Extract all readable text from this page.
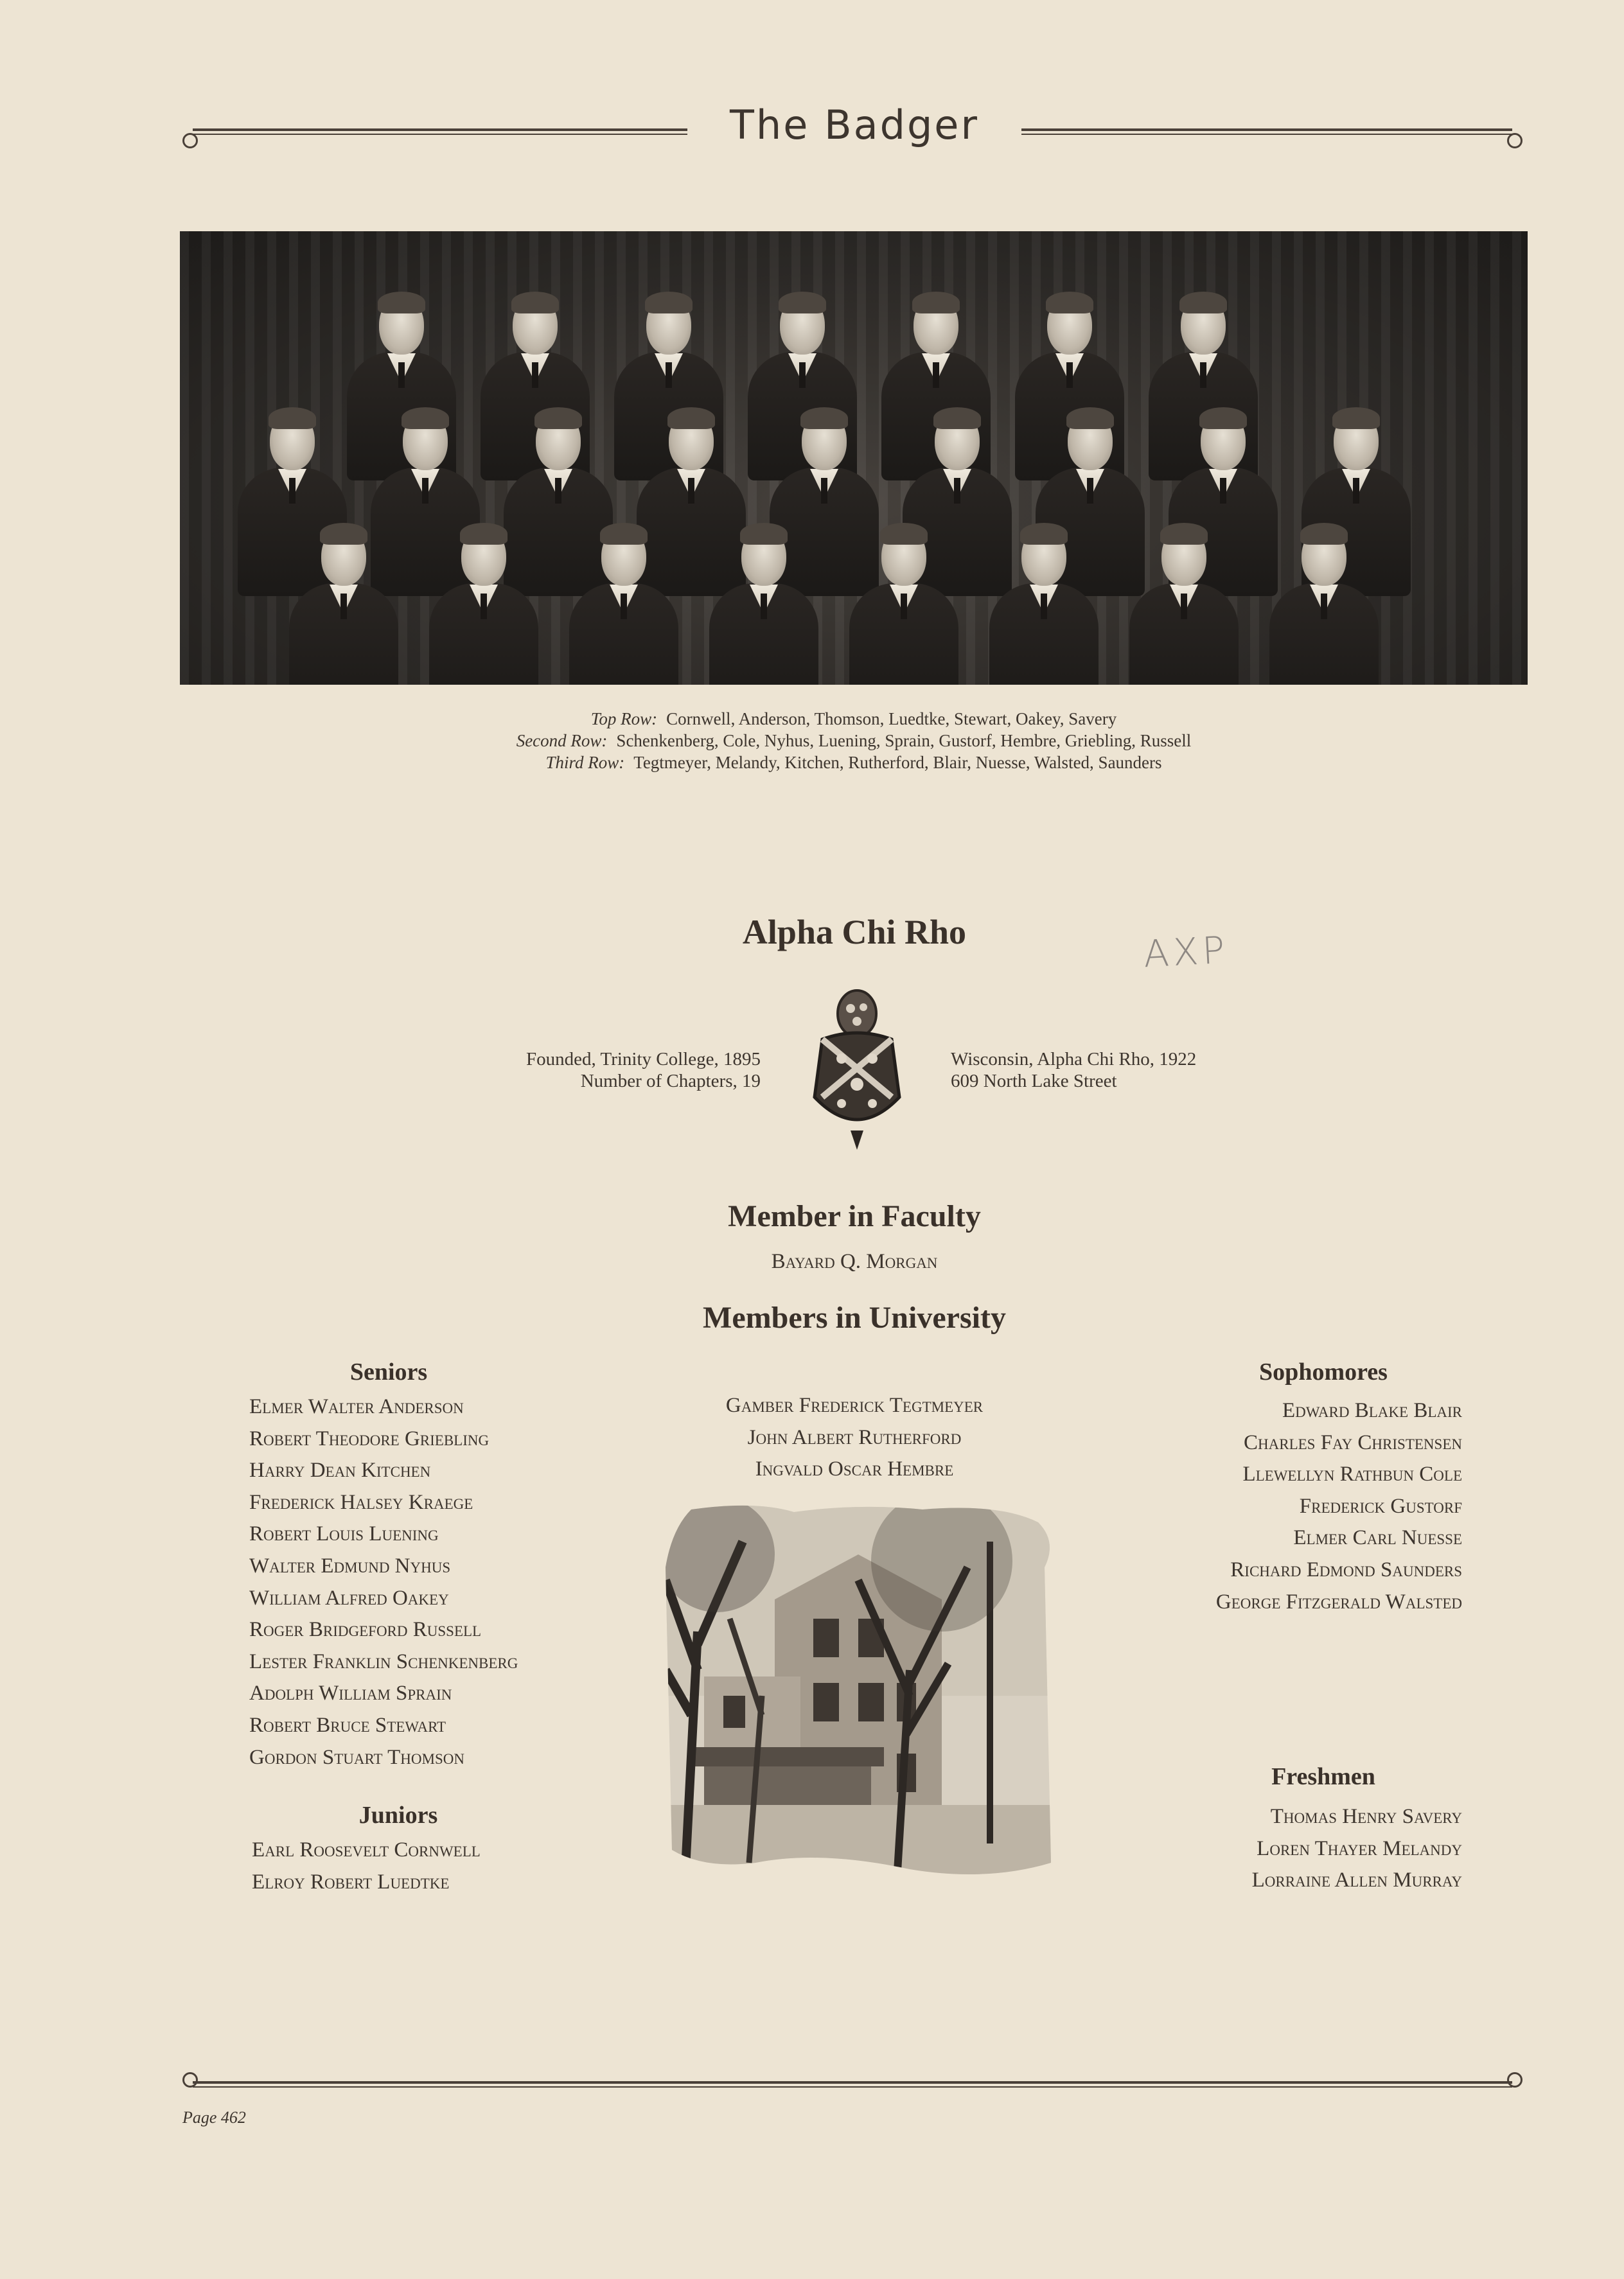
The Badger
Top Row: Cornwell, Anderson, Thomson, Luedtke, Stewart, Oakey, Savery
Second Row: Schenkenberg, Cole, Nyhus, Luening, Sprain, Gustorf, Hembre, Griebling, Russell
Third Row: Tegtmeyer, Melandy, Kitchen, Rutherford, Blair, Nuesse, Walsted, Saunders
Alpha Chi Rho	AXP
Founded, Trinity College, 1895
Number of Chapters, 19
Wisconsin, Alpha Chi Rho, 1922
609 North Lake Street
Member in Faculty
Bayard Q. Morgan
Members in University
Seniors
Elmer Walter Anderson
Robert Theodore Griebling
Harry Dean Kitchen
Frederick Halsey Kraege
Robert Louis Luening
Walter Edmund Nyhus
William Alfred Oakey
Roger Bridgeford Russell
Lester Franklin Schenkenberg
Adolph William Sprain
Robert Bruce Stewart
Gordon Stuart Thomson
Gamber Frederick Tegtmeyer
John Albert Rutherford
Ingvald Oscar Hembre
Juniors
Earl Roosevelt Cornwell
Elroy Robert Luedtke
Sophomores
Edward Blake Blair
Charles Fay Christensen
Llewellyn Rathbun Cole
Frederick Gustorf
Elmer Carl Nuesse
Richard Edmond Saunders
George Fitzgerald Walsted
Freshmen
Thomas Henry Savery
Loren Thayer Melandy
Lorraine Allen Murray
Page 462
